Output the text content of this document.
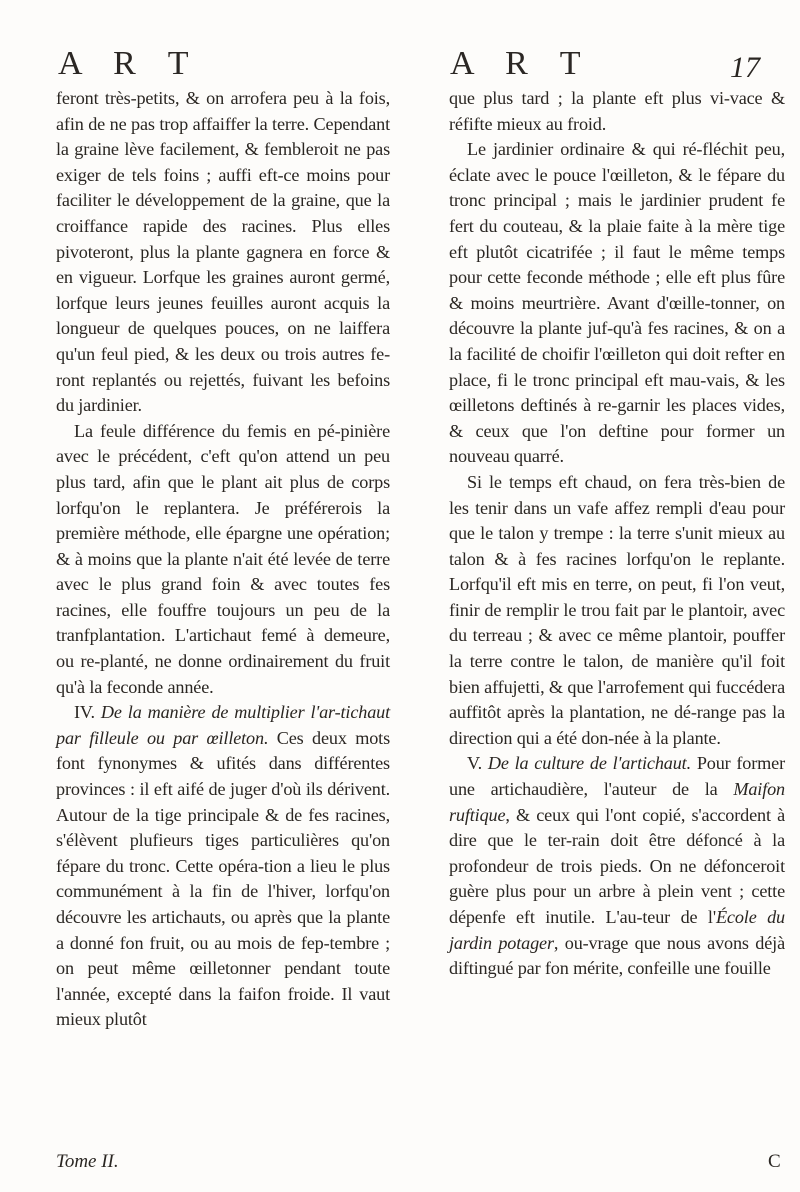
A R T	A R T	17

feront très-petits, & on arrofera peu à la fois, afin de ne pas trop affaiffer la terre. Cependant la graine lève facilement, & fembleroit ne pas exiger de tels foins ; auffi eft-ce moins pour faciliter le développement de la graine, que la croiffance rapide des racines. Plus elles pivoteront, plus la plante gagnera en force & en vigueur. Lorfque les graines auront germé, lorfque leurs jeunes feuilles auront acquis la longueur de quelques pouces, on ne laiffera qu'un feul pied, & les deux ou trois autres fe-ront replantés ou rejettés, fuivant les befoins du jardinier.

La feule différence du femis en pé-pinière avec le précédent, c'eft qu'on attend un peu plus tard, afin que le plant ait plus de corps lorfqu'on le replantera. Je préférerois la première méthode, elle épargne une opération; & à moins que la plante n'ait été levée de terre avec le plus grand foin & avec toutes fes racines, elle fouffre toujours un peu de la tranfplantation. L'artichaut femé à demeure, ou re-planté, ne donne ordinairement du fruit qu'à la feconde année.

IV. De la manière de multiplier l'ar-tichaut par filleule ou par œilleton. Ces deux mots font fynonymes & ufités dans différentes provinces : il eft aifé de juger d'où ils dérivent. Autour de la tige principale & de fes racines, s'élèvent plufieurs tiges particulières qu'on fépare du tronc. Cette opéra-tion a lieu le plus communément à la fin de l'hiver, lorfqu'on découvre les artichauts, ou après que la plante a donné fon fruit, ou au mois de fep-tembre ; on peut même œilletonner pendant toute l'année, excepté dans la faifon froide. Il vaut mieux plutôt

que plus tard ; la plante eft plus vi-vace & réfifte mieux au froid.

Le jardinier ordinaire & qui ré-fléchit peu, éclate avec le pouce l'œilleton, & le fépare du tronc principal ; mais le jardinier prudent fe fert du couteau, & la plaie faite à la mère tige eft plutôt cicatrifée ; il faut le même temps pour cette feconde méthode ; elle eft plus fûre & moins meurtrière. Avant d'œille-tonner, on découvre la plante juf-qu'à fes racines, & on a la facilité de choifir l'œilleton qui doit refter en place, fi le tronc principal eft mau-vais, & les œilletons deftinés à re-garnir les places vides, & ceux que l'on deftine pour former un nouveau quarré.

Si le temps eft chaud, on fera très-bien de les tenir dans un vafe affez rempli d'eau pour que le talon y trempe : la terre s'unit mieux au talon & à fes racines lorfqu'on le replante. Lorfqu'il eft mis en terre, on peut, fi l'on veut, finir de remplir le trou fait par le plantoir, avec du terreau ; & avec ce même plantoir, pouffer la terre contre le talon, de manière qu'il foit bien affujetti, & que l'arrofement qui fuccédera auffitôt après la plantation, ne dé-range pas la direction qui a été don-née à la plante.

V. De la culture de l'artichaut. Pour former une artichaudière, l'auteur de la Maifon ruftique, & ceux qui l'ont copié, s'accordent à dire que le ter-rain doit être défoncé à la profondeur de trois pieds. On ne défonceroit guère plus pour un arbre à plein vent ; cette dépenfe eft inutile. L'au-teur de l'École du jardin potager, ou-vrage que nous avons déjà diftingué par fon mérite, confeille une fouille

Tome II.	C
